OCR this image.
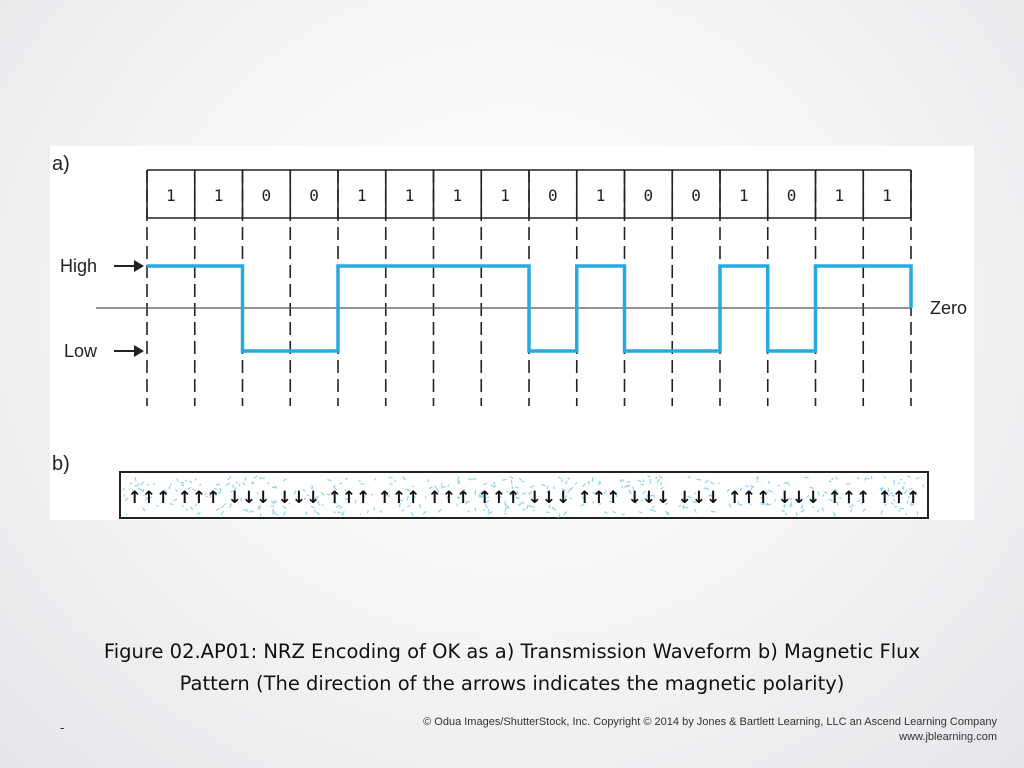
1 1 0 0 1 1 1 1 0 1 0 0 1 0 1 1
a)
High
Low
Zero
b)
↑↑↑ ↑↑↑ ↓↓↓ ↓↓↓ ↑↑↑ ↑↑↑ ↑↑↑ ↑↑↑ ↓↓↓ ↑↑↑ ↓↓↓ ↓↓↓ ↑↑↑ ↓↓↓ ↑↑↑ ↑↑↑
Figure 02.AP01: NRZ Encoding of OK as a) Transmission Waveform b) Magnetic Flux
Pattern (The direction of the arrows indicates the magnetic polarity)
-	© Odua Images/ShutterStock, Inc. Copyright © 2014 by Jones & Bartlett Learning, LLC an Ascend Learning Company
www.jblearning.com
